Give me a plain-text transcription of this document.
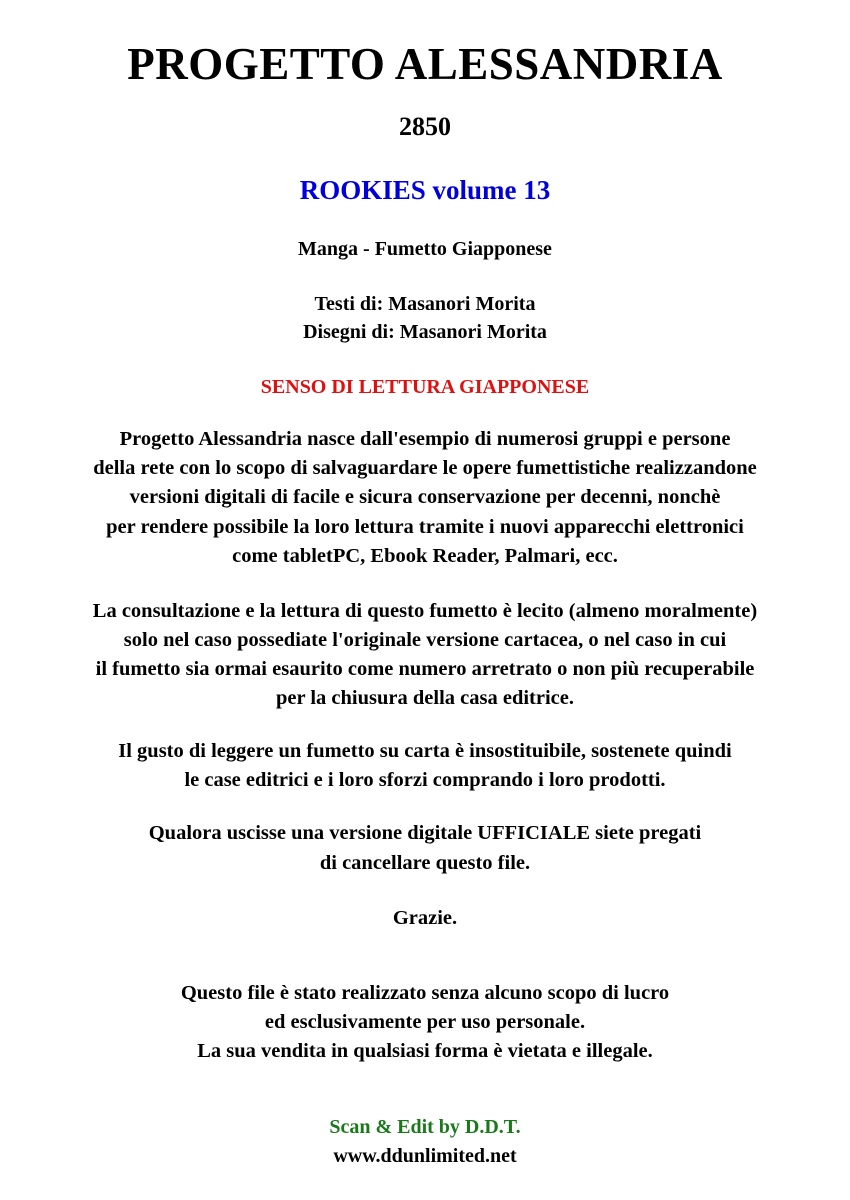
PROGETTO ALESSANDRIA
2850
ROOKIES volume 13
Manga - Fumetto Giapponese
Testi di: Masanori Morita
Disegni di: Masanori Morita
SENSO DI LETTURA GIAPPONESE
Progetto Alessandria nasce dall'esempio di numerosi gruppi e persone
della rete con lo scopo di salvaguardare le opere fumettistiche realizzandone
versioni digitali di facile e sicura conservazione per decenni, nonchè
per rendere possibile la loro lettura tramite i nuovi apparecchi elettronici
come tabletPC, Ebook Reader, Palmari, ecc.
La consultazione e la lettura di questo fumetto è lecito (almeno moralmente)
solo nel caso possediate l'originale versione cartacea, o nel caso in cui
il fumetto sia ormai esaurito come numero arretrato o non più recuperabile
per la chiusura della casa editrice.
Il gusto di leggere un fumetto su carta è insostituibile, sostenete quindi
le case editrici e i loro sforzi comprando i loro prodotti.
Qualora uscisse una versione digitale UFFICIALE siete pregati
di cancellare questo file.
Grazie.
Questo file è stato realizzato senza alcuno scopo di lucro
ed esclusivamente per uso personale.
La sua vendita in qualsiasi forma è vietata e illegale.
Scan & Edit by D.D.T.
www.ddunlimited.net
